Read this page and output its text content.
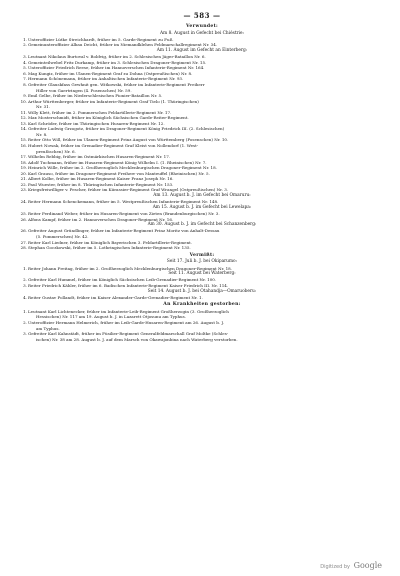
— 583 —
Verwundet:
Am 8. August in Gefecht bei Chiéstrie:
1. Unteroffizier Lütke Streichhardt, früher im 5. Garde-Regiment zu Fuß.
2. Gemeinunteroffizier Albau Deicht, früher im Niemandklehen Feldmarschallregiment Nr. 34.
Am 11. August im Gefecht an Einterberg:
3. Leutnant Nikolaus Burtoval v. Boldvig, früher im 2. Schlesischen Jäger-Bataillon Nr. 6.
4. Gemeinteilwebel Fritz Durkamp, früher im 3. Schlesischen Dragoner-Regiment Nr. 15.
5. Unteroffizier Friedrich Reese, früher im Hannoverschen Infanterie-Regiment Nr. 164.
6. Mag Kungiz, früher im Ulanen-Regiment Graf zu Dohna (Ostpreußischen) Nr. 8.
7. Hermann Schönemann, früher im Anhaltischen Infanterie-Regiment Nr. 93.
8. Gefreiter Glauskfass Gewhnit gen. Witkowski, früher im Infanterie-Regiment Freiherr
Hiller von Gaertringen (4. Posenschen) Nr. 59.
9. Emil Gelbe, früher im Niederschlesischen Pionier-Bataillon Nr. 5.
10. Arthur Württenberger, früher im Infanterie-Regiment Graf Tielo (1. Thüringischen)
Nr. 31.
11. Willy Klett, früher im 2. Pommerschen Feldartillerie-Regiment Nr. 17.
12. Max Mosterschmidt, früher im Königlich Sächsischen Garde-Reiter-Regiment.
13. Karl Schröder, früher im Thüringischen Husaren-Regiment Nr. 12.
14. Gefreiter Ludwig Grzogotz, früher im Dragoner-Regiment König Friedrich III. (2. Schlesischen)
Nr. 8.
15. Reiter Otto Will, früher im Ulanen-Regiment Prinz August von Württemberg (Posenschen) Nr. 10.
16. Hubert Nowak, früher im Grenadier-Regiment Graf Kleist von Nollendorf (1. West-
preußischen) Nr. 6.
17. Wilhelm Rebbig, früher im Ostmärkischen Husaren-Regiment Nr. 17.
18. Adolf Tuchmann, früher im Husaren-Regiment König Wilhelm I. (1. Rheinischen) Nr. 7.
19. Heinrich Wille, früher im 2. Großherzoglich Mecklenburgischen Dragoner-Regiment Nr. 18.
20. Karl Grauso, früher im Dragoner-Regiment Freiherr von Manteuffel (Rheinischen) Nr. 5.
21. Albert Kolbe, früher im Husaren-Regiment Kaiser Franz Joseph Nr. 16.
22. Paul Wuester, früher im 8. Thüringischen Infanterie-Regiment Nr. 153.
23. Kriegsfreiwilliger v. Pescher, früher im Kürassier-Regiment Graf Wrangel (Ostpreußischen) Nr. 3.
Am 13. August b. J. im Gefecht bei Omaruru:
24. Reiter Hermann Schenckemann, früher im 5. Westpreußischen Infanterie-Regiment Nr. 148.
Am 15. August b. J. im Gefecht bei Lewelapa:
25. Reiter Ferdinand Weber, früher im Husaren-Regiment von Zieten (Brandenburgischen) Nr. 3.
26. Alfons Kampf, früher im 2. Hannoverschen Dragoner-Regiment Nr. 16.
Am 30. August b. J. im Gefecht bei Schanzenberg:
26. Gefreiter August Gründlinger, früher im Infanterie-Regiment Prinz Moritz von Anhalt-Dessau
(5. Pommerschen) Nr. 42.
27. Reiter Karl Liedner, früher im Königlich Bayerischen 3. Feldartillerie-Regiment.
28. Stephan Goczkowski, früher im 5. Lothringischen Infanterie-Regiment Nr. 135.
Vermißt:
Seit 17. Juli b. J. bei Okiparumo:
1. Reiter Johann Freitag, früher im 2. Großherzoglich Mecklenburgischen Dragoner-Regiment Nr. 18.
Seit 11. August bei Waterberg:
2. Gefreiter Karl Hummel, früher im Königlich Sächsischen Leib-Grenadier-Regiment Nr. 100.
3. Reiter Friedrich Kähler, früher im 6. Badischen Infanterie-Regiment Kaiser Friedrich III. Nr. 114.
Seit 14. August b. J. bei Otahandja—Omaruoberu:
4. Reiter Gustav Pollandt, früher im Kaiser Alexander-Garde-Grenadier-Regiment Nr. 1.
An Krankheiten gestorben:
1. Leutnant Karl Lichtenecker, früher im Infanterie-Leib-Regiment Großherzogin (3. Großherzoglich
Hessischen) Nr. 117 am 19. August b. J. in Lazarett Otjosunu am Typhus.
2. Unteroffizier Hermann Helmerich, früher im Leib-Garde-Husaren-Regiment am 26. August b. J.
am Typhus.
3. Gefreiter Karl Kahnstädt, früher im Füsilier-Regiment Generalfeldmarschall Graf Moltke (Schles-
ischen) Nr. 38 am 28. August b. J. auf dem Marsch von Okawajonbina nach Waterberg verstorben.
Digitized by Google
